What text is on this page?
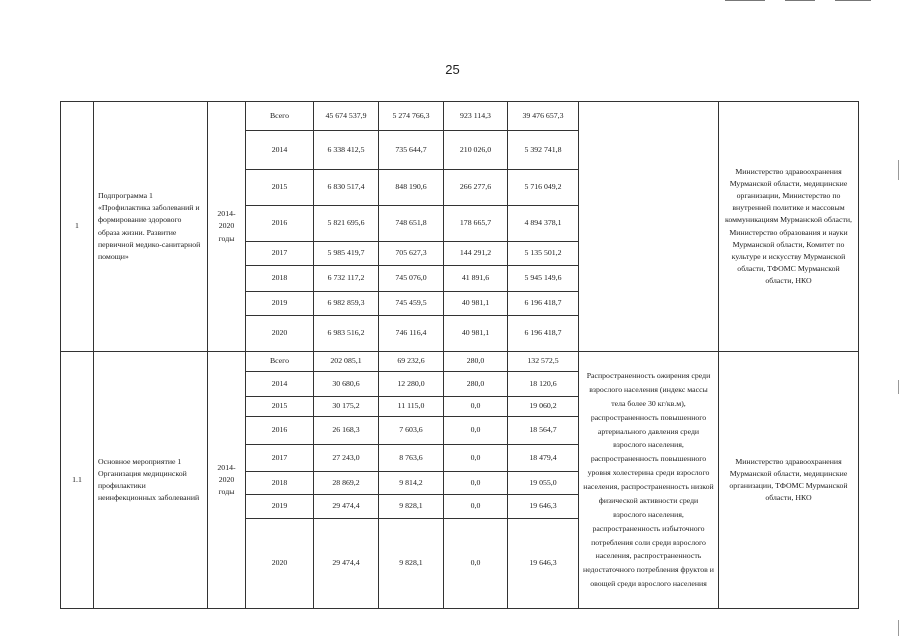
25
1	Подпрограмма 1 «Профилактика заболеваний и формирование здорового образа жизни. Развитие первичной медико-санитарной помощи»	2014-2020 годы	Всего	45 674 537,9	5 274 766,3	923 114,3	39 476 657,3		Министерство здравоохранения Мурманской области, медицинские организации, Министерство по внутренней политике и массовым коммуникациям Мурманской области, Министерство образования и науки Мурманской области, Комитет по культуре и искусству Мурманской области, ТФОМС Мурманской области, НКО
			2014	6 338 412,5	735 644,7	210 026,0	5 392 741,8		
			2015	6 830 517,4	848 190,6	266 277,6	5 716 049,2		
			2016	5 821 695,6	748 651,8	178 665,7	4 894 378,1		
			2017	5 985 419,7	705 627,3	144 291,2	5 135 501,2		
			2018	6 732 117,2	745 076,0	41 891,6	5 945 149,6		
			2019	6 982 859,3	745 459,5	40 981,1	6 196 418,7		
			2020	6 983 516,2	746 116,4	40 981,1	6 196 418,7		
1.1	Основное мероприятие 1 Организация медицинской профилактики неинфекционных заболеваний	2014-2020 годы	Всего	202 085,1	69 232,6	280,0	132 572,5	Распространенность ожирения среди взрослого населения (индекс массы тела более 30 кг/кв.м), распространенность повышенного артериального давления среди взрослого населения, распространенность повышенного уровня холестерина среди взрослого населения, распространенность низкой физической активности среди взрослого населения, распространенность избыточного потребления соли среди взрослого населения, распространенность недостаточного потребления фруктов и овощей среди взрослого населения	Министерство здравоохранения Мурманской области, медицинские организации, ТФОМС Мурманской области, НКО
			2014	30 680,6	12 280,0	280,0	18 120,6		
			2015	30 175,2	11 115,0	0,0	19 060,2		
			2016	26 168,3	7 603,6	0,0	18 564,7		
			2017	27 243,0	8 763,6	0,0	18 479,4		
			2018	28 869,2	9 814,2	0,0	19 055,0		
			2019	29 474,4	9 828,1	0,0	19 646,3		
			2020	29 474,4	9 828,1	0,0	19 646,3		
